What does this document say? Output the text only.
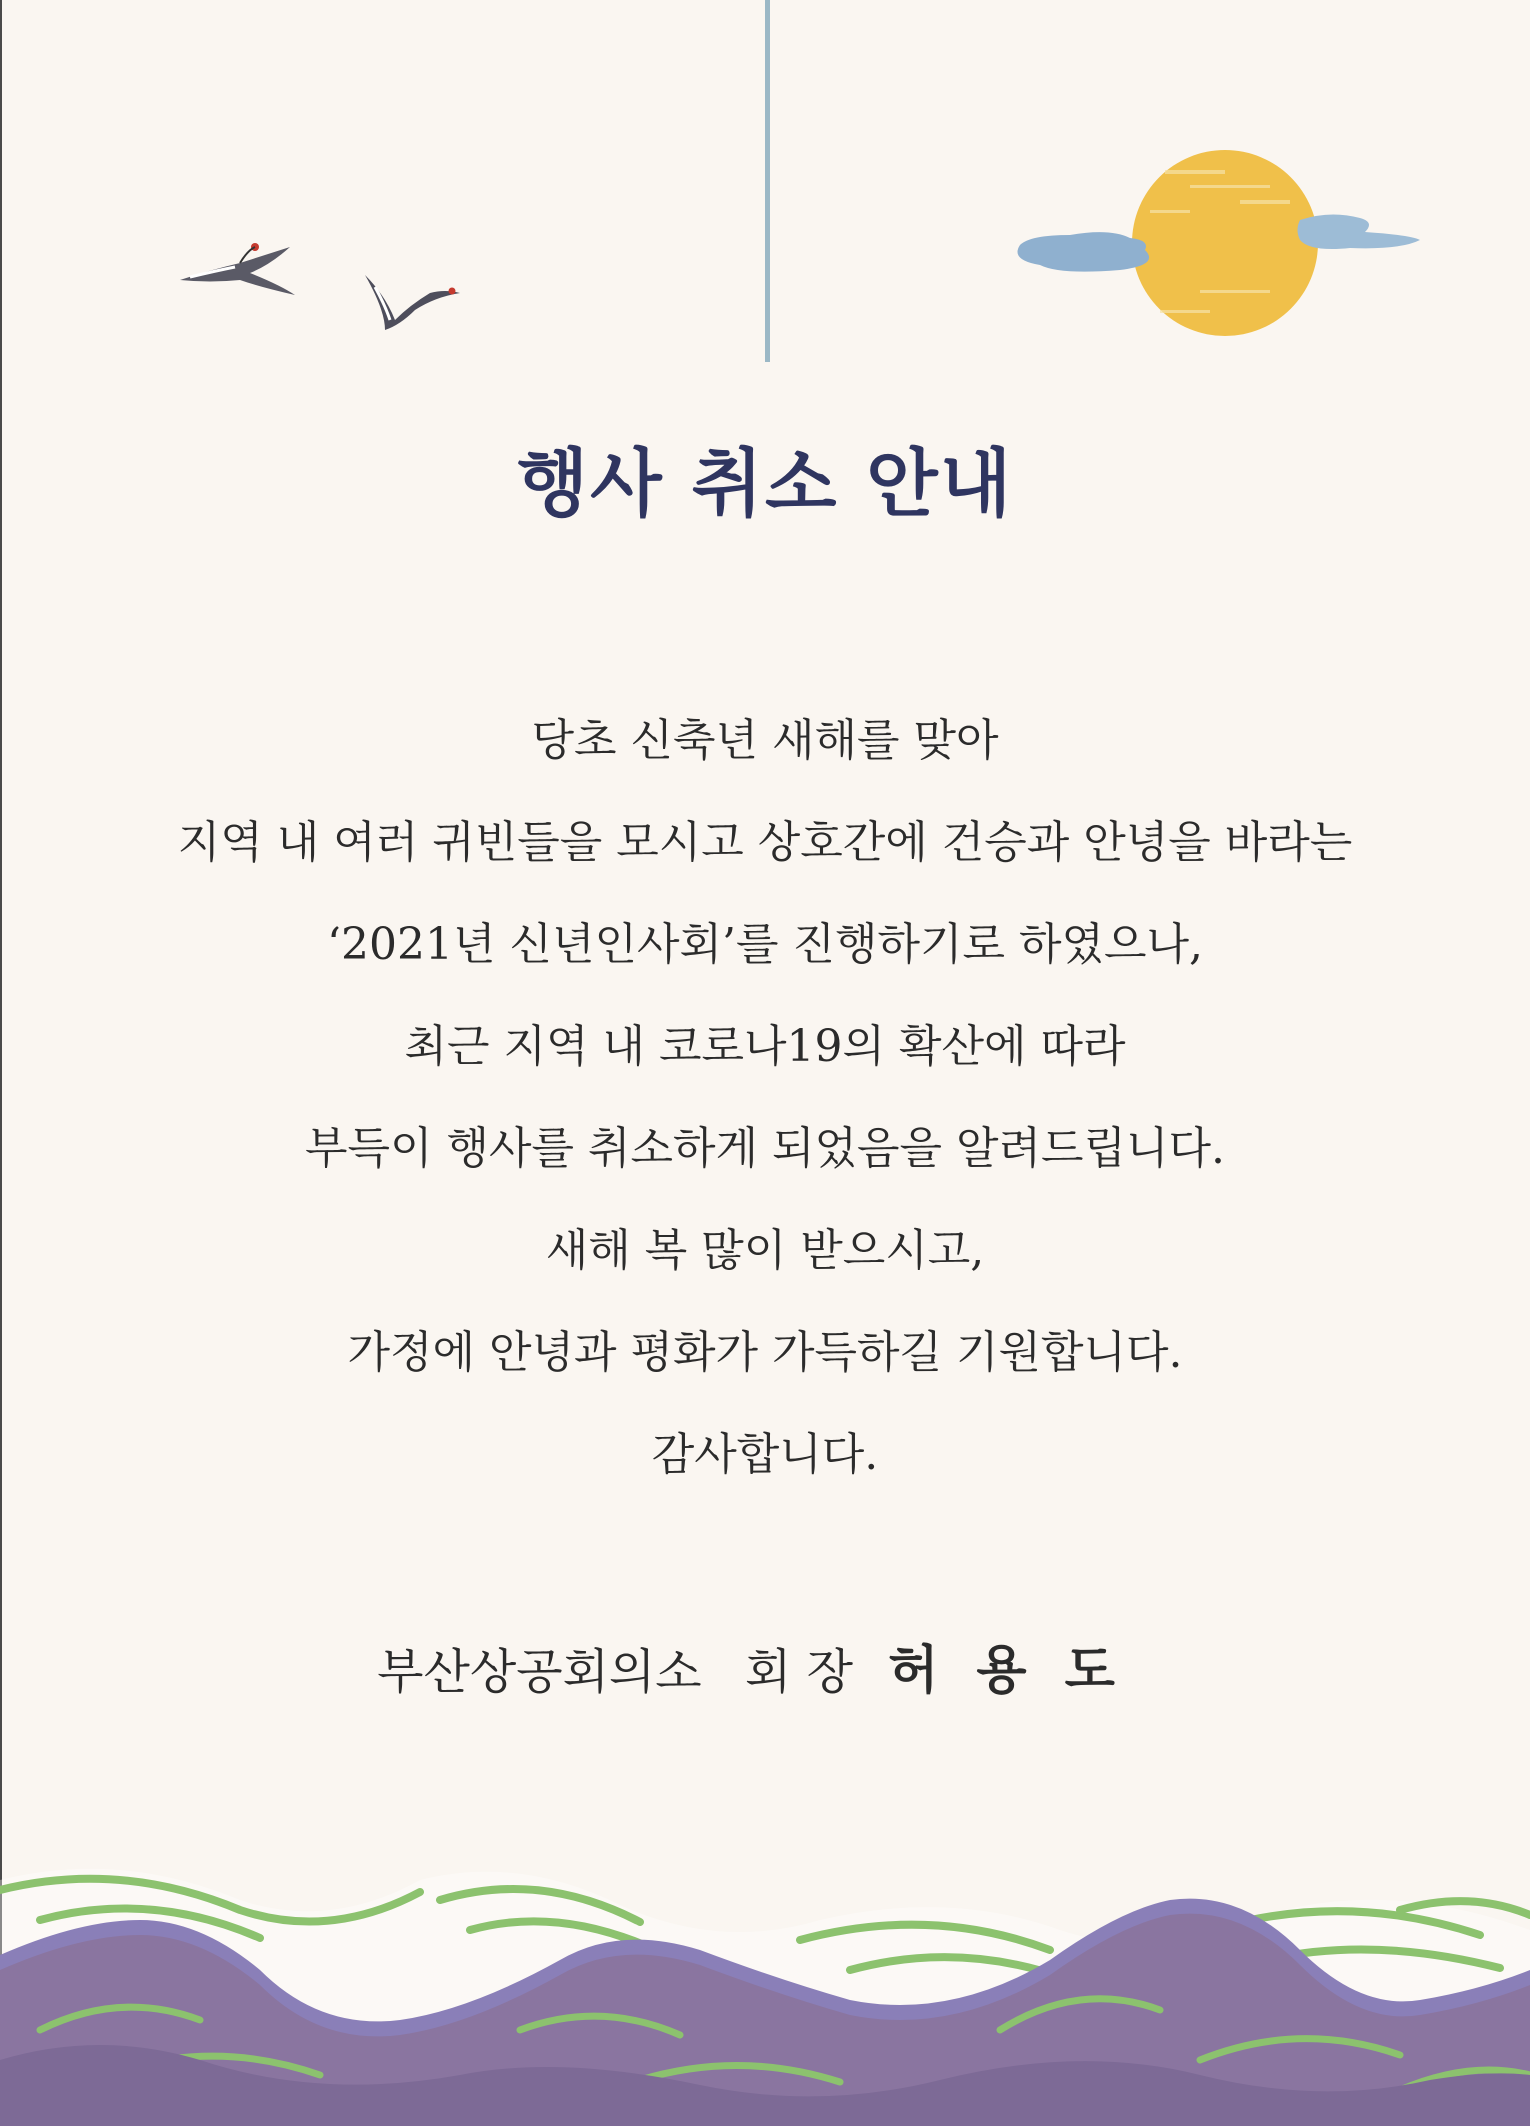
행사 취소 안내
당초 신축년 새해를 맞아
지역 내 여러 귀빈들을 모시고 상호간에 건승과 안녕을 바라는
‘2021년 신년인사회’를 진행하기로 하였으나,
최근 지역 내 코로나19의 확산에 따라
부득이 행사를 취소하게 되었음을 알려드립니다.
새해 복 많이 받으시고,
가정에 안녕과 평화가 가득하길 기원합니다.
감사합니다.
부산상공회의소 회 장 허용도
